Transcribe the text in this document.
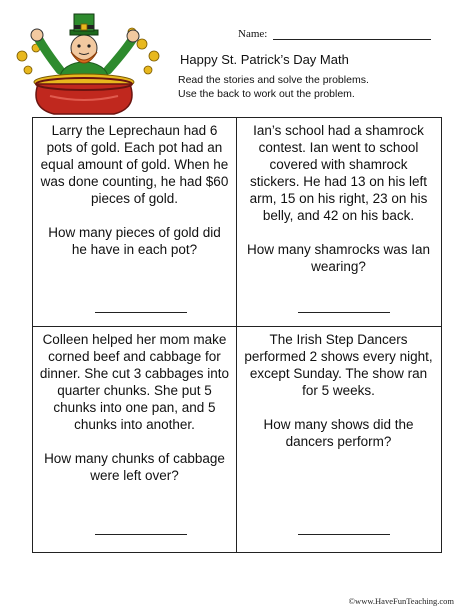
Name:
Happy St. Patrick’s Day Math
Read the stories and solve the problems.
Use the back to work out the problem.

Larry the Leprechaun had 6 pots of gold. Each pot had an equal amount of gold. When he was done counting, he had $60 pieces of gold.

How many pieces of gold did he have in each pot?

Ian’s school had a shamrock contest. Ian went to school covered with shamrock stickers. He had 13 on his left arm, 15 on his right, 23 on his belly, and 42 on his back.

How many shamrocks was Ian wearing?

Colleen helped her mom make corned beef and cabbage for dinner. She cut 3 cabbages into quarter chunks. She put 5 chunks into one pan, and 5 chunks into another.

How many chunks of cabbage were left over?

The Irish Step Dancers performed 2 shows every night, except Sunday. The show ran for 5 weeks.

How many shows did the dancers perform?

©www.HaveFunTeaching.com
